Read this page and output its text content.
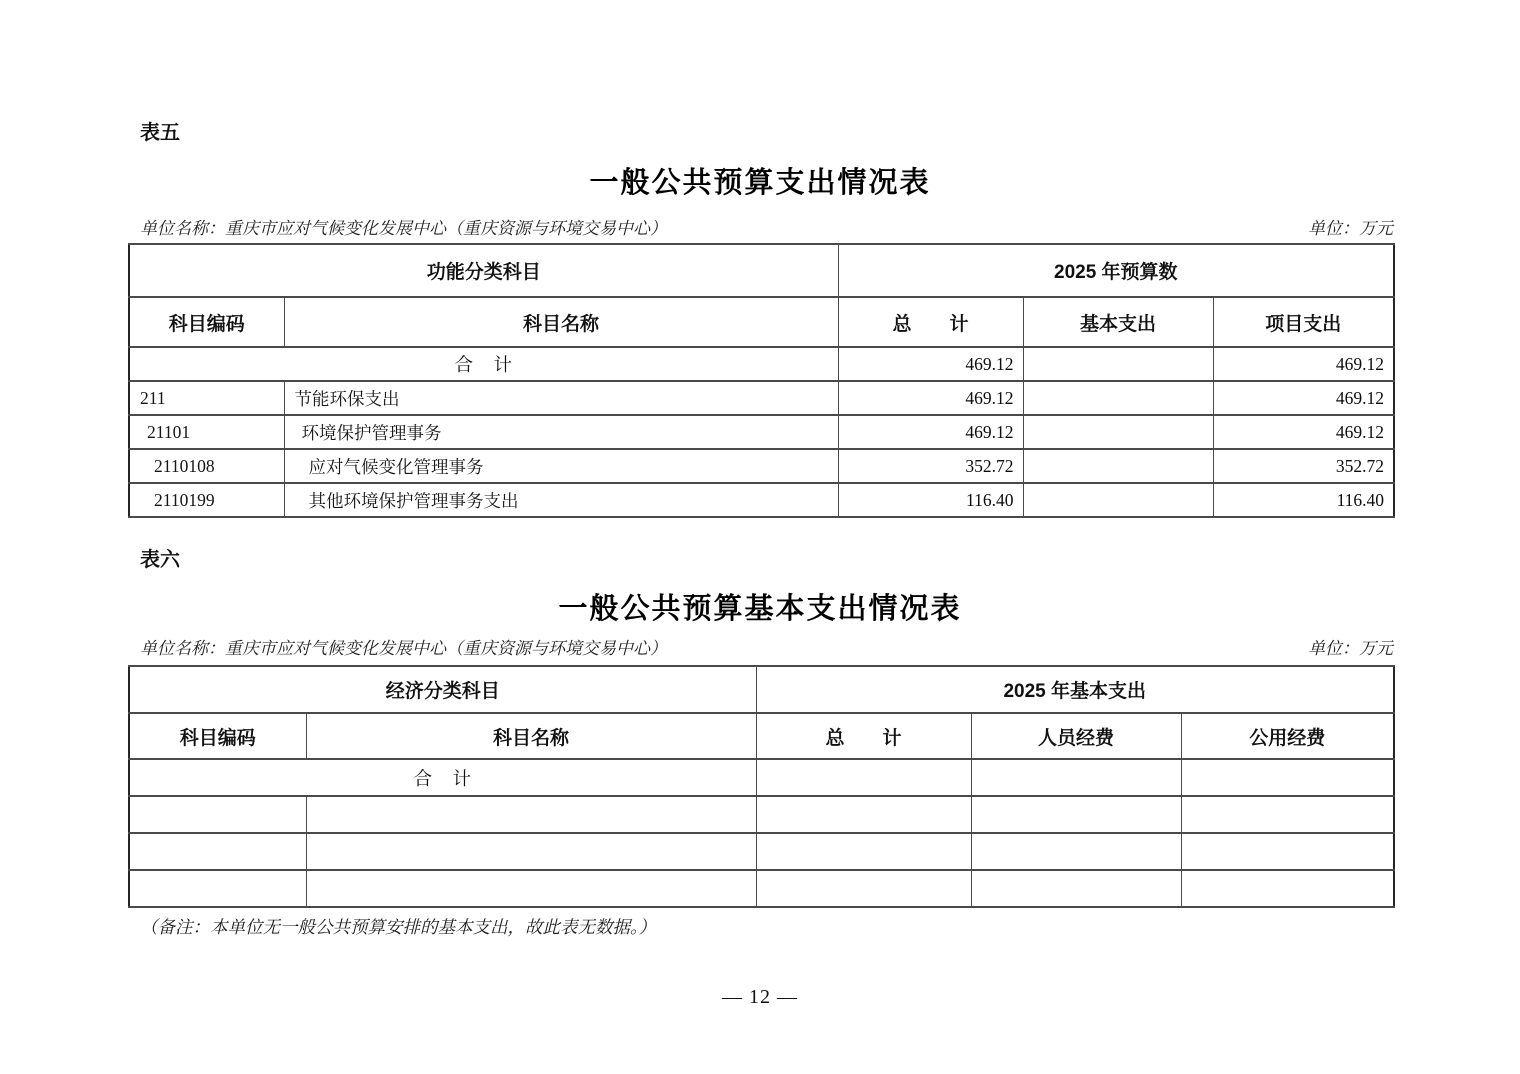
表五
一般公共预算支出情况表
单位名称：重庆市应对气候变化发展中心（重庆资源与环境交易中心）	单位：万元
功能分类科目		2025 年预算数		
科目编码	科目名称	总　　计	基本支出	项目支出
合　计		469.12		469.12
211	节能环保支出	469.12		469.12
21101	环境保护管理事务	469.12		469.12
2110108	应对气候变化管理事务	352.72		352.72
2110199	其他环境保护管理事务支出	116.40		116.40
表六
一般公共预算基本支出情况表
单位名称：重庆市应对气候变化发展中心（重庆资源与环境交易中心）	单位：万元
经济分类科目		2025 年基本支出		
科目编码	科目名称	总　　计	人员经费	公用经费
合　计				

（备注：本单位无一般公共预算安排的基本支出，故此表无数据。）
— 12 —
